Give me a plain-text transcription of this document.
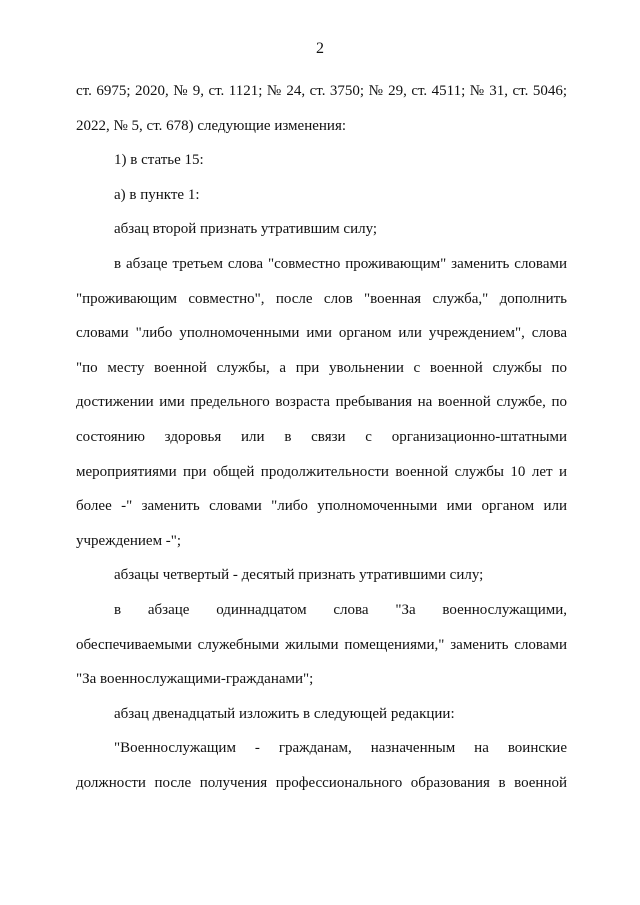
2
ст. 6975; 2020, № 9, ст. 1121; № 24, ст. 3750; № 29, ст. 4511; № 31, ст. 5046;
2022, № 5, ст. 678) следующие изменения:
1) в статье 15:
а) в пункте 1:
абзац второй признать утратившим силу;
в абзаце третьем слова "совместно проживающим" заменить словами
"проживающим совместно", после слов "военная служба," дополнить
словами "либо уполномоченными ими органом или учреждением", слова
"по месту военной службы, а при увольнении с военной службы по
достижении ими предельного возраста пребывания на военной службе, по
состоянию здоровья или в связи с организационно-штатными
мероприятиями при общей продолжительности военной службы 10 лет и
более -" заменить словами "либо уполномоченными ими органом или
учреждением -";
абзацы четвертый - десятый признать утратившими силу;
в абзаце одиннадцатом слова "За военнослужащими,
обеспечиваемыми служебными жилыми помещениями," заменить словами
"За военнослужащими-гражданами";
абзац двенадцатый изложить в следующей редакции:
"Военнослужащим - гражданам, назначенным на воинские
должности после получения профессионального образования в военной
